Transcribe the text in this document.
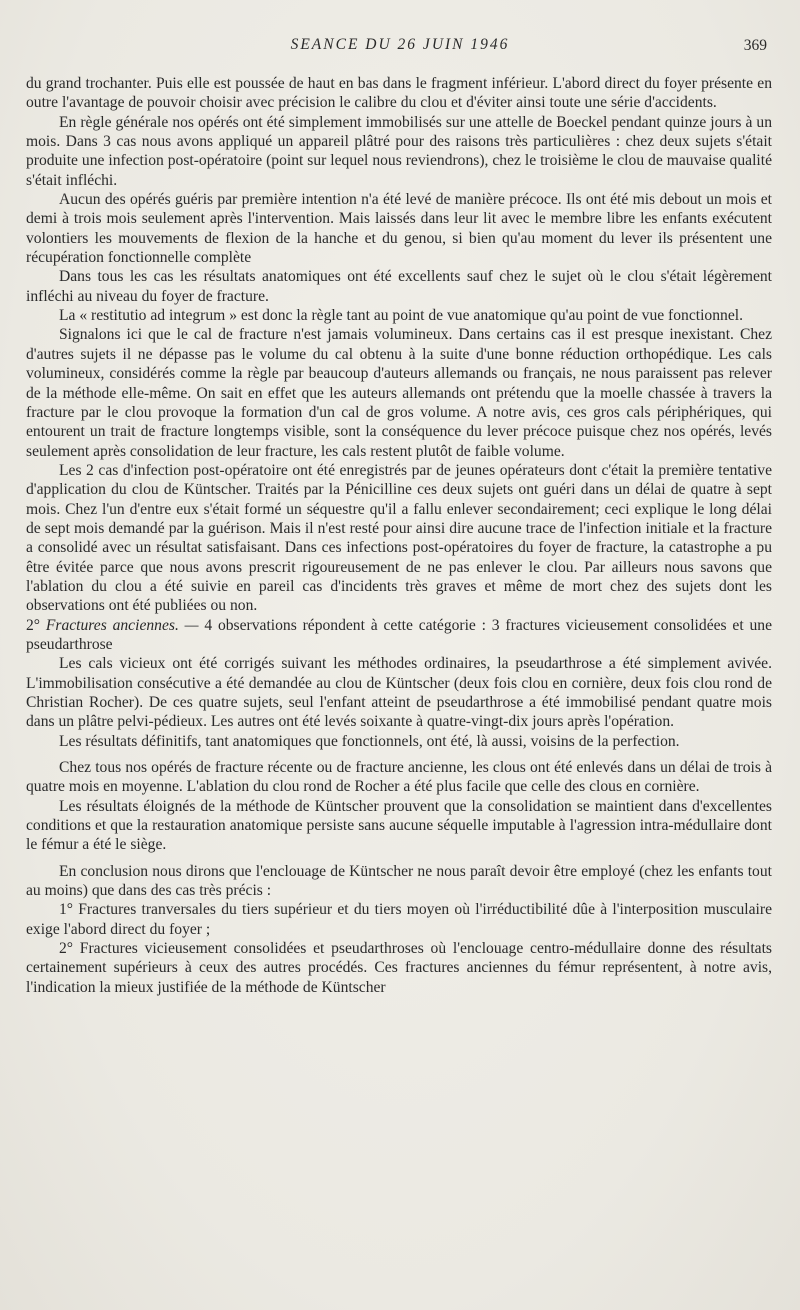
SEANCE DU 26 JUIN 1946	369

du grand trochanter. Puis elle est poussée de haut en bas dans le fragment inférieur. L'abord direct du foyer présente en outre l'avantage de pouvoir choisir avec précision le calibre du clou et d'éviter ainsi toute une série d'accidents.

En règle générale nos opérés ont été simplement immobilisés sur une attelle de Boeckel pendant quinze jours à un mois. Dans 3 cas nous avons appliqué un appareil plâtré pour des raisons très particulières : chez deux sujets s'était produite une infection post-opératoire (point sur lequel nous reviendrons), chez le troisième le clou de mauvaise qualité s'était infléchi.

Aucun des opérés guéris par première intention n'a été levé de manière précoce. Ils ont été mis debout un mois et demi à trois mois seulement après l'intervention. Mais laissés dans leur lit avec le membre libre les enfants exécutent volontiers les mouvements de flexion de la hanche et du genou, si bien qu'au moment du lever ils présentent une récupération fonctionnelle complète

Dans tous les cas les résultats anatomiques ont été excellents sauf chez le sujet où le clou s'était légèrement infléchi au niveau du foyer de fracture.

La « restitutio ad integrum » est donc la règle tant au point de vue anatomique qu'au point de vue fonctionnel.

Signalons ici que le cal de fracture n'est jamais volumineux. Dans certains cas il est presque inexistant. Chez d'autres sujets il ne dépasse pas le volume du cal obtenu à la suite d'une bonne réduction orthopédique. Les cals volumineux, considérés comme la règle par beaucoup d'auteurs allemands ou français, ne nous paraissent pas relever de la méthode elle-même. On sait en effet que les auteurs allemands ont prétendu que la moelle chassée à travers la fracture par le clou provoque la formation d'un cal de gros volume. A notre avis, ces gros cals périphériques, qui entourent un trait de fracture longtemps visible, sont la conséquence du lever précoce puisque chez nos opérés, levés seulement après consolidation de leur fracture, les cals restent plutôt de faible volume.

Les 2 cas d'infection post-opératoire ont été enregistrés par de jeunes opérateurs dont c'était la première tentative d'application du clou de Küntscher. Traités par la Pénicilline ces deux sujets ont guéri dans un délai de quatre à sept mois. Chez l'un d'entre eux s'était formé un séquestre qu'il a fallu enlever secondairement; ceci explique le long délai de sept mois demandé par la guérison. Mais il n'est resté pour ainsi dire aucune trace de l'infection initiale et la fracture a consolidé avec un résultat satisfaisant. Dans ces infections post-opératoires du foyer de fracture, la catastrophe a pu être évitée parce que nous avons prescrit rigoureusement de ne pas enlever le clou. Par ailleurs nous savons que l'ablation du clou a été suivie en pareil cas d'incidents très graves et même de mort chez des sujets dont les observations ont été publiées ou non.

2° Fractures anciennes. — 4 observations répondent à cette catégorie : 3 fractures vicieusement consolidées et une pseudarthrose

Les cals vicieux ont été corrigés suivant les méthodes ordinaires, la pseudarthrose a été simplement avivée. L'immobilisation consécutive a été demandée au clou de Küntscher (deux fois clou en cornière, deux fois clou rond de Christian Rocher). De ces quatre sujets, seul l'enfant atteint de pseudarthrose a été immobilisé pendant quatre mois dans un plâtre pelvi-pédieux. Les autres ont été levés soixante à quatre-vingt-dix jours après l'opération.

Les résultats définitifs, tant anatomiques que fonctionnels, ont été, là aussi, voisins de la perfection.

Chez tous nos opérés de fracture récente ou de fracture ancienne, les clous ont été enlevés dans un délai de trois à quatre mois en moyenne. L'ablation du clou rond de Rocher a été plus facile que celle des clous en cornière.

Les résultats éloignés de la méthode de Küntscher prouvent que la consolidation se maintient dans d'excellentes conditions et que la restauration anatomique persiste sans aucune séquelle imputable à l'agression intra-médullaire dont le fémur a été le siège.

En conclusion nous dirons que l'enclouage de Küntscher ne nous paraît devoir être employé (chez les enfants tout au moins) que dans des cas très précis :

1° Fractures tranversales du tiers supérieur et du tiers moyen où l'irréductibilité dûe à l'interposition musculaire exige l'abord direct du foyer ;

2° Fractures vicieusement consolidées et pseudarthroses où l'enclouage centro-médullaire donne des résultats certainement supérieurs à ceux des autres procédés. Ces fractures anciennes du fémur représentent, à notre avis, l'indication la mieux justifiée de la méthode de Küntscher
